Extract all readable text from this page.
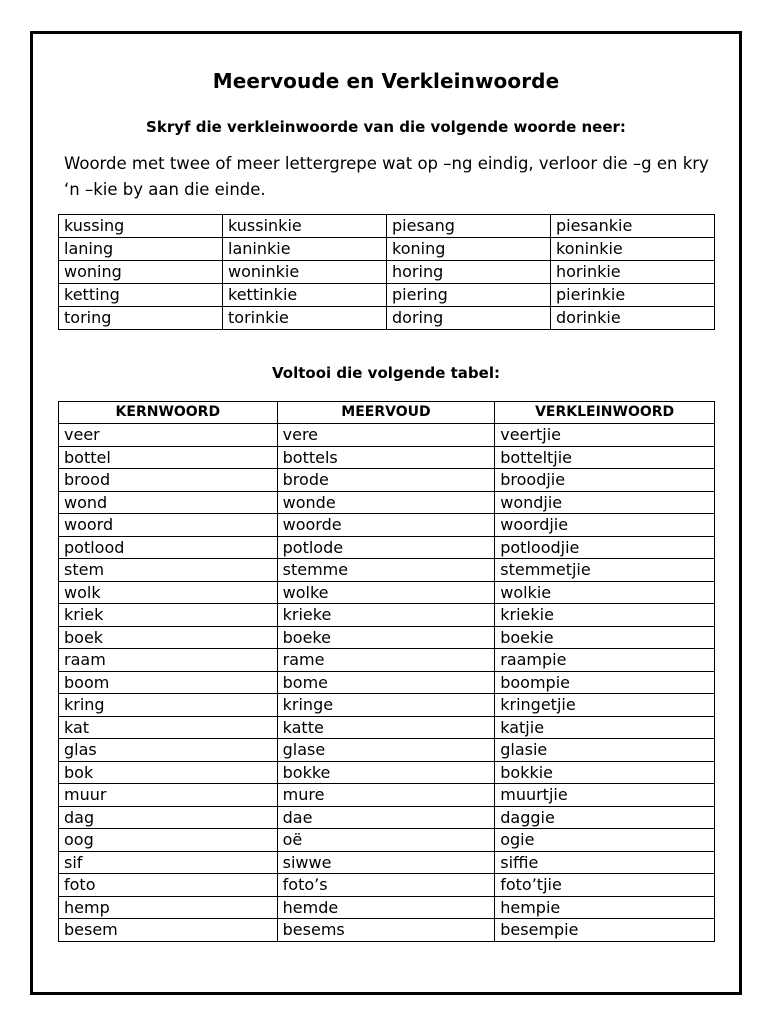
Meervoude en Verkleinwoorde
Skryf die verkleinwoorde van die volgende woorde neer:
Woorde met twee of meer lettergrepe wat op –ng eindig, verloor die –g en kry ‘n –kie by aan die einde.
kussing	kussinkie	piesang	piesankie
laning	laninkie	koning	koninkie
woning	woninkie	horing	horinkie
ketting	kettinkie	piering	pierinkie
toring	torinkie	doring	dorinkie
Voltooi die volgende tabel:
KERNWOORD	MEERVOUD	VERKLEINWOORD
veer	vere	veertjie
bottel	bottels	botteltjie
brood	brode	broodjie
wond	wonde	wondjie
woord	woorde	woordjie
potlood	potlode	potloodjie
stem	stemme	stemmetjie
wolk	wolke	wolkie
kriek	krieke	kriekie
boek	boeke	boekie
raam	rame	raampie
boom	bome	boompie
kring	kringe	kringetjie
kat	katte	katjie
glas	glase	glasie
bok	bokke	bokkie
muur	mure	muurtjie
dag	dae	daggie
oog	oë	ogie
sif	siwwe	siffie
foto	foto’s	foto’tjie
hemp	hemde	hempie
besem	besems	besempie
